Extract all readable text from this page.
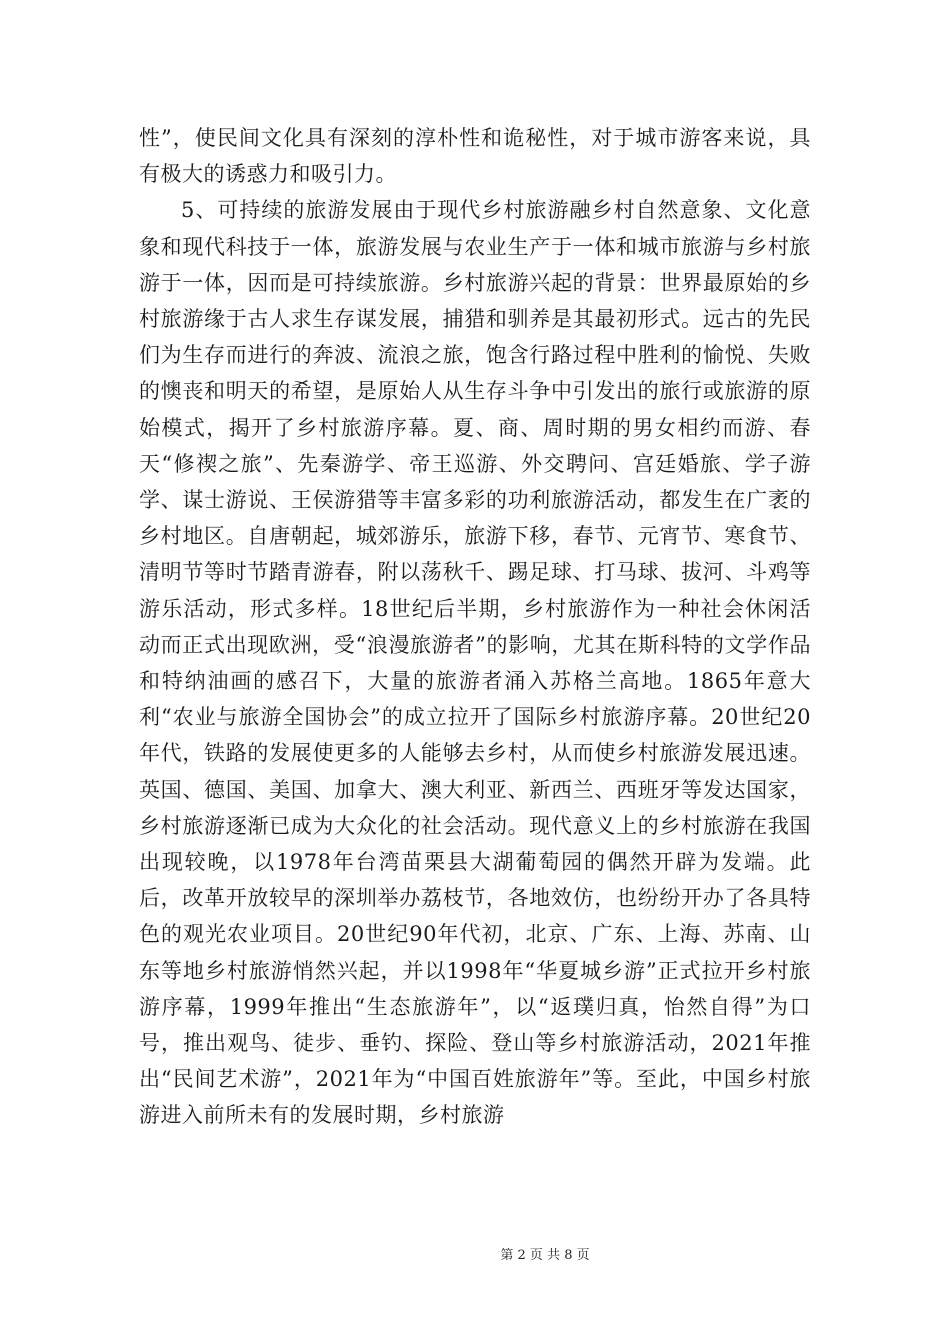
性”，使民间文化具有深刻的淳朴性和诡秘性，对于城市游客来说，具有极大的诱惑力和吸引力。

5、可持续的旅游发展由于现代乡村旅游融乡村自然意象、文化意象和现代科技于一体，旅游发展与农业生产于一体和城市旅游与乡村旅游于一体，因而是可持续旅游。乡村旅游兴起的背景：世界最原始的乡村旅游缘于古人求生存谋发展，捕猎和驯养是其最初形式。远古的先民们为生存而进行的奔波、流浪之旅，饱含行路过程中胜利的愉悦、失败的懊丧和明天的希望，是原始人从生存斗争中引发出的旅行或旅游的原始模式，揭开了乡村旅游序幕。夏、商、周时期的男女相约而游、春天“修禊之旅”、先秦游学、帝王巡游、外交聘问、宫廷婚旅、学子游学、谋士游说、王侯游猎等丰富多彩的功利旅游活动，都发生在广袤的乡村地区。自唐朝起，城郊游乐，旅游下移，春节、元宵节、寒食节、清明节等时节踏青游春，附以荡秋千、踢足球、打马球、拔河、斗鸡等游乐活动，形式多样。18世纪后半期，乡村旅游作为一种社会休闲活动而正式出现欧洲，受“浪漫旅游者”的影响，尤其在斯科特的文学作品和特纳油画的感召下，大量的旅游者涌入苏格兰高地。1865年意大利“农业与旅游全国协会”的成立拉开了国际乡村旅游序幕。20世纪20年代，铁路的发展使更多的人能够去乡村，从而使乡村旅游发展迅速。英国、德国、美国、加拿大、澳大利亚、新西兰、西班牙等发达国家，乡村旅游逐渐已成为大众化的社会活动。现代意义上的乡村旅游在我国出现较晚，以1978年台湾苗栗县大湖葡萄园的偶然开辟为发端。此后，改革开放较早的深圳举办荔枝节，各地效仿，也纷纷开办了各具特色的观光农业项目。20世纪90年代初，北京、广东、上海、苏南、山东等地乡村旅游悄然兴起，并以1998年“华夏城乡游”正式拉开乡村旅游序幕，1999年推出“生态旅游年”，以“返璞归真，怡然自得”为口号，推出观鸟、徒步、垂钓、探险、登山等乡村旅游活动，2021年推出“民间艺术游”，2021年为“中国百姓旅游年”等。至此，中国乡村旅游进入前所未有的发展时期，乡村旅游

第 2 页 共 8 页
